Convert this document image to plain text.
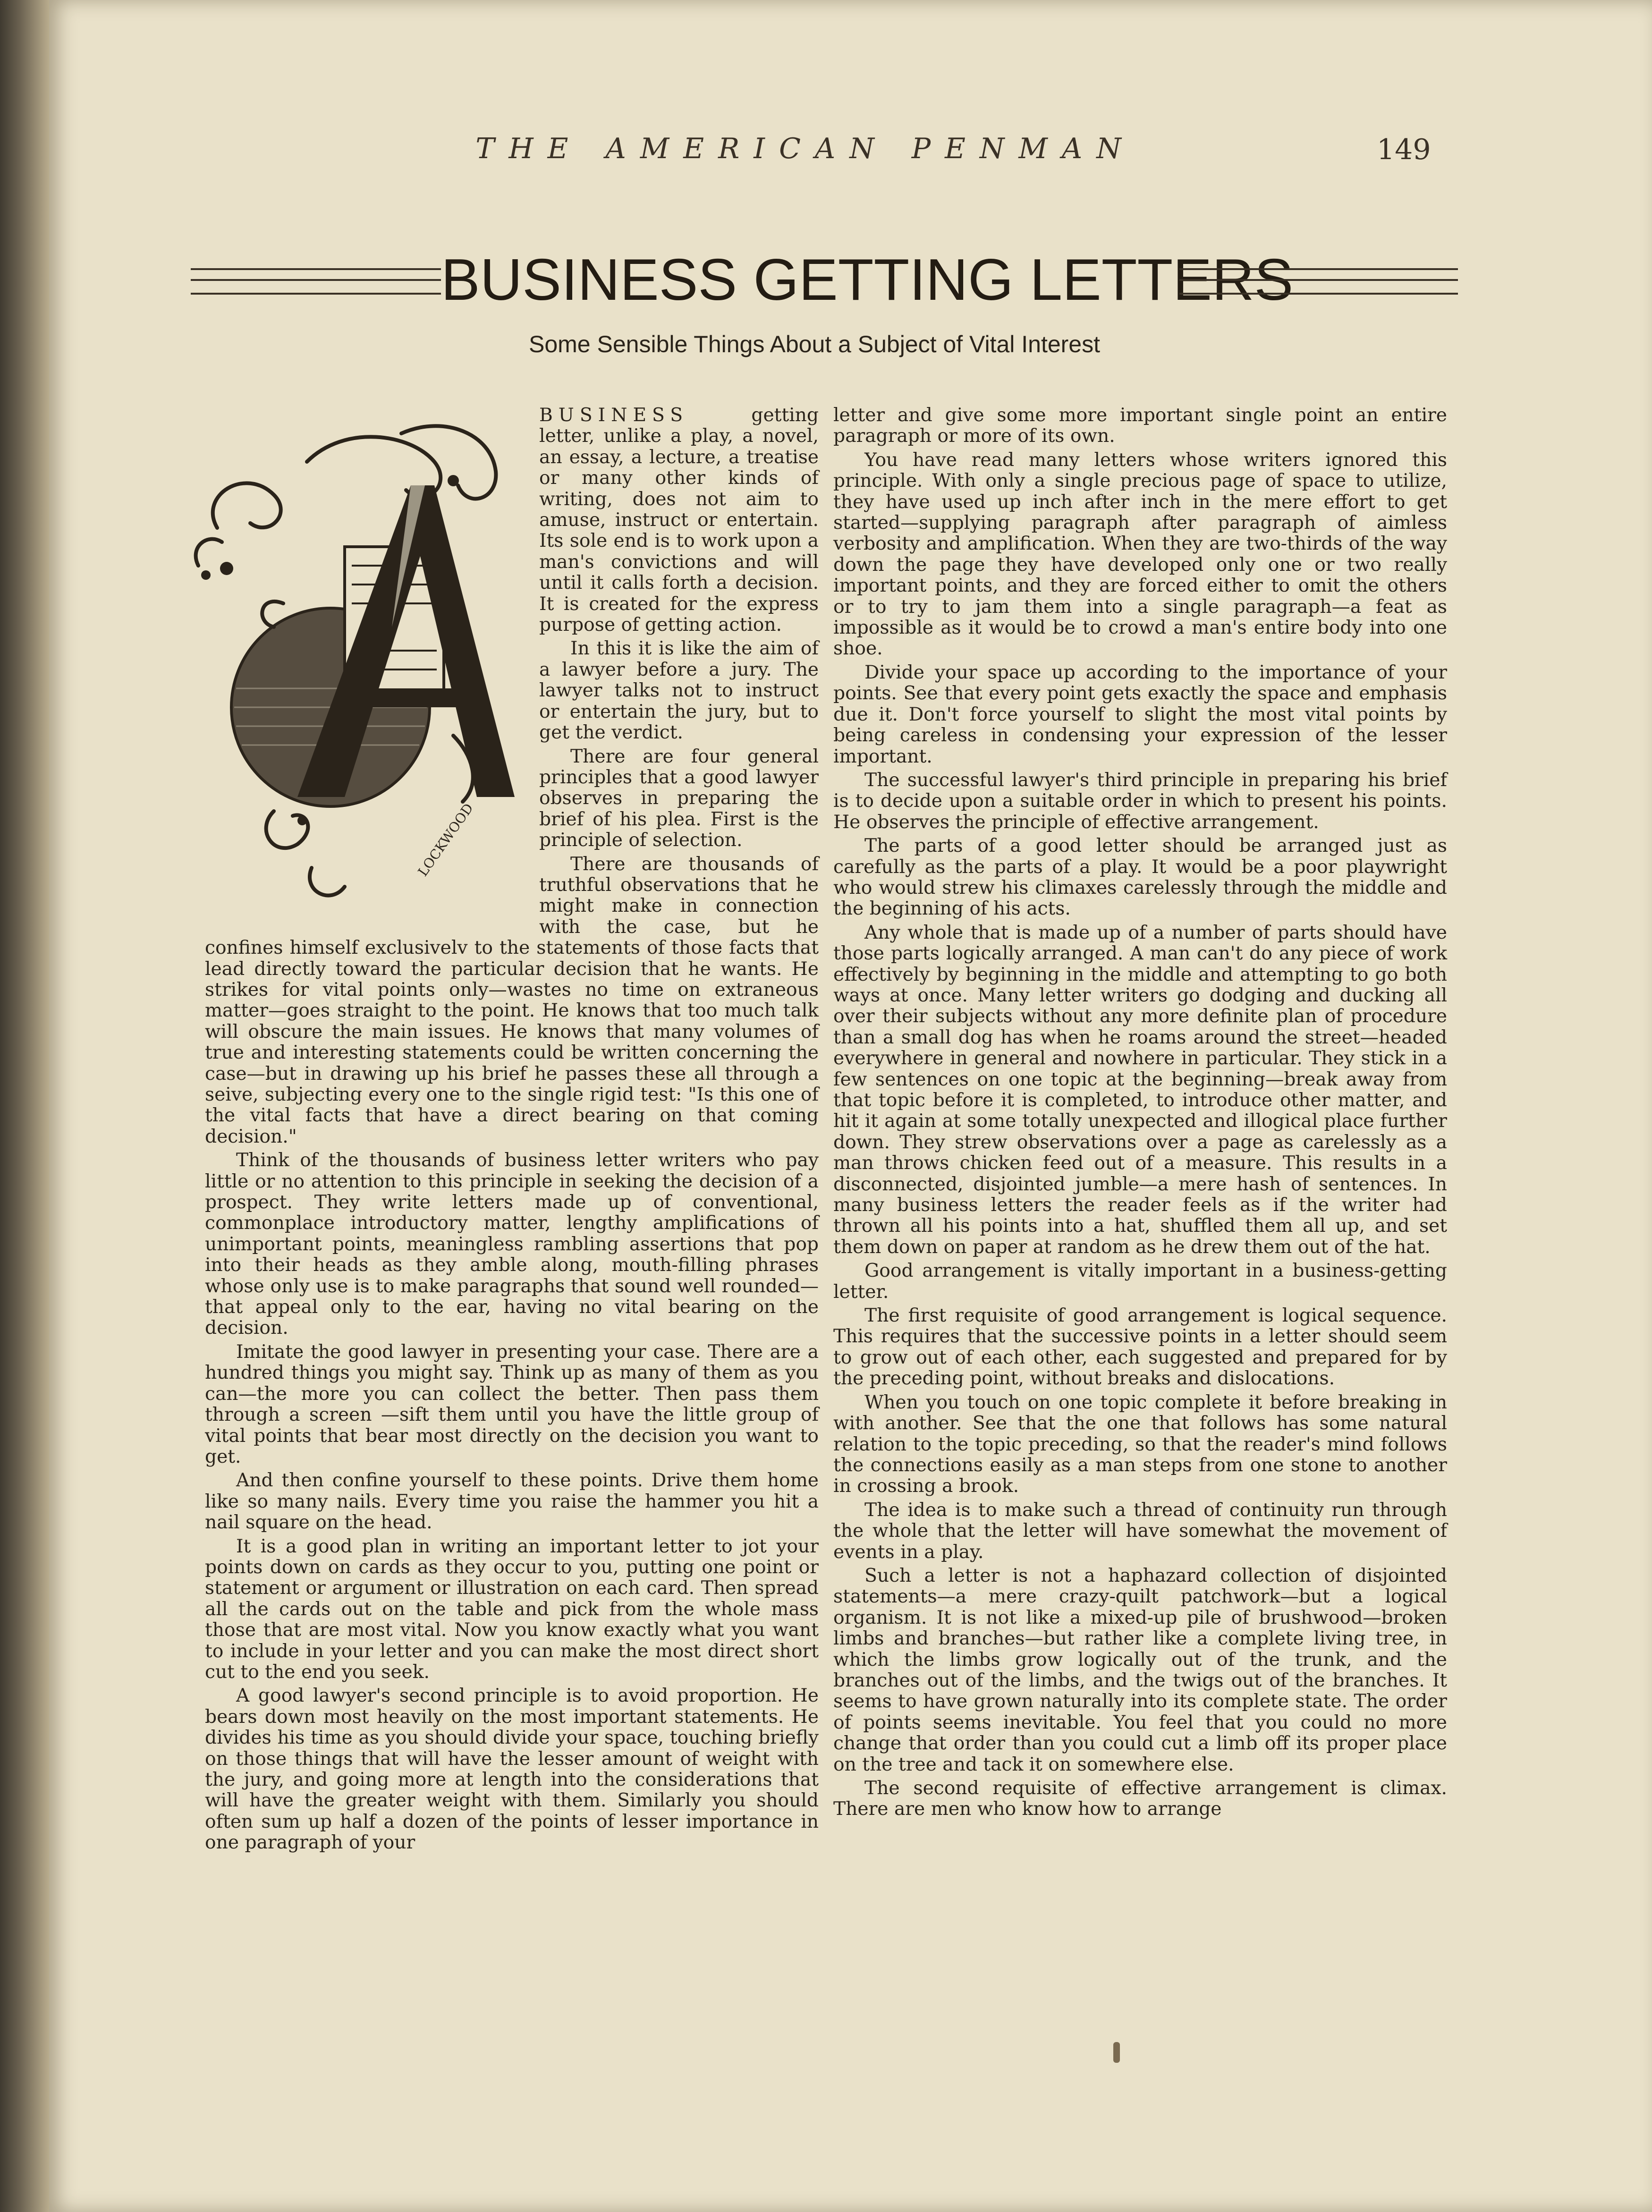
THE AMERICAN PENMAN	149
BUSINESS GETTING LETTERS
Some Sensible Things About a Subject of Vital Interest
LOCKWOOD

BUSINESS getting letter, unlike a play, a novel, an essay, a lecture, a treatise or many other kinds of writing, does not aim to amuse, instruct or entertain. Its sole end is to work upon a man's convictions and will until it calls forth a decision. It is created for the express purpose of getting action.

In this it is like the aim of a lawyer before a jury. The lawyer talks not to instruct or entertain the jury, but to get the verdict.

There are four general principles that a good lawyer observes in preparing the brief of his plea. First is the principle of selection.

There are thousands of truthful observations that he might make in connection with the case, but he confines himself exclusivelv to the statements of those facts that lead directly toward the particular decision that he wants. He strikes for vital points only—wastes no time on extraneous matter—goes straight to the point. He knows that too much talk will obscure the main issues. He knows that many volumes of true and interesting statements could be written concerning the case—but in drawing up his brief he passes these all through a seive, subjecting every one to the single rigid test: "Is this one of the vital facts that have a direct bearing on that coming decision."

Think of the thousands of business letter writers who pay little or no attention to this principle in seeking the decision of a prospect. They write letters made up of conventional, commonplace introductory matter, lengthy amplifications of unimportant points, meaningless rambling assertions that pop into their heads as they amble along, mouth-filling phrases whose only use is to make paragraphs that sound well rounded—that appeal only to the ear, having no vital bearing on the decision.

Imitate the good lawyer in presenting your case. There are a hundred things you might say. Think up as many of them as you can—the more you can collect the better. Then pass them through a screen —sift them until you have the little group of vital points that bear most directly on the decision you want to get.

And then confine yourself to these points. Drive them home like so many nails. Every time you raise the hammer you hit a nail square on the head.

It is a good plan in writing an important letter to jot your points down on cards as they occur to you, putting one point or statement or argument or illustration on each card. Then spread all the cards out on the table and pick from the whole mass those that are most vital. Now you know exactly what you want to include in your letter and you can make the most direct short cut to the end you seek.

A good lawyer's second principle is to avoid proportion. He bears down most heavily on the most important statements. He divides his time as you should divide your space, touching briefly on those things that will have the lesser amount of weight with the jury, and going more at length into the considerations that will have the greater weight with them. Similarly you should often sum up half a dozen of the points of lesser importance in one paragraph of your

letter and give some more important single point an entire paragraph or more of its own.

You have read many letters whose writers ignored this principle. With only a single precious page of space to utilize, they have used up inch after inch in the mere effort to get started—supplying paragraph after paragraph of aimless verbosity and amplification. When they are two-thirds of the way down the page they have developed only one or two really important points, and they are forced either to omit the others or to try to jam them into a single paragraph—a feat as impossible as it would be to crowd a man's entire body into one shoe.

Divide your space up according to the importance of your points. See that every point gets exactly the space and emphasis due it. Don't force yourself to slight the most vital points by being careless in condensing your expression of the lesser important.

The successful lawyer's third principle in preparing his brief is to decide upon a suitable order in which to present his points. He observes the principle of effective arrangement.

The parts of a good letter should be arranged just as carefully as the parts of a play. It would be a poor playwright who would strew his climaxes carelessly through the middle and the beginning of his acts.

Any whole that is made up of a number of parts should have those parts logically arranged. A man can't do any piece of work effectively by beginning in the middle and attempting to go both ways at once. Many letter writers go dodging and ducking all over their subjects without any more definite plan of procedure than a small dog has when he roams around the street—headed everywhere in general and nowhere in particular. They stick in a few sentences on one topic at the beginning—break away from that topic before it is completed, to introduce other matter, and hit it again at some totally unexpected and illogical place further down. They strew observations over a page as carelessly as a man throws chicken feed out of a measure. This results in a disconnected, disjointed jumble—a mere hash of sentences. In many business letters the reader feels as if the writer had thrown all his points into a hat, shuffled them all up, and set them down on paper at random as he drew them out of the hat.

Good arrangement is vitally important in a business-getting letter.

The first requisite of good arrangement is logical sequence. This requires that the successive points in a letter should seem to grow out of each other, each suggested and prepared for by the preceding point, without breaks and dislocations.

When you touch on one topic complete it before breaking in with another. See that the one that follows has some natural relation to the topic preceding, so that the reader's mind follows the connections easily as a man steps from one stone to another in crossing a brook.

The idea is to make such a thread of continuity run through the whole that the letter will have somewhat the movement of events in a play.

Such a letter is not a haphazard collection of disjointed statements—a mere crazy-quilt patchwork—but a logical organism. It is not like a mixed-up pile of brushwood—broken limbs and branches—but rather like a complete living tree, in which the limbs grow logically out of the trunk, and the branches out of the limbs, and the twigs out of the branches. It seems to have grown naturally into its complete state. The order of points seems inevitable. You feel that you could no more change that order than you could cut a limb off its proper place on the tree and tack it on somewhere else.

The second requisite of effective arrangement is climax. There are men who know how to arrange
